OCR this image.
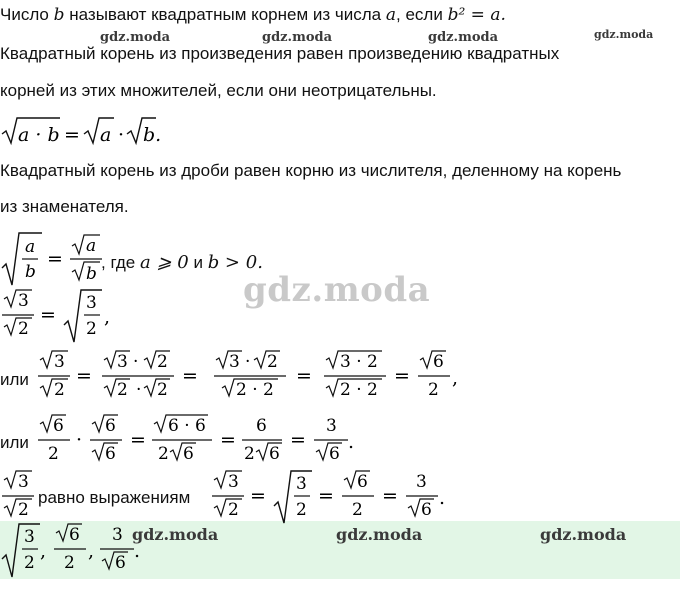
Число b называют квадратным корнем из числа a, если b² = a.
gdz.moda	gdz.moda	gdz.moda	gdz.moda
Квадратный корень из произведения равен произведению квадратных
корней из этих множителей, если они неотрицательны.
a · b = a · b.
Квадратный корень из дроби равен корню из числителя, деленному на корень
из знаменателя.
a
b
=
a
b
, где a ⩾ 0 и b > 0.
gdz.moda
3
2
=
3
2
,
или
3
2
=
3 · 2
2 · 2
=
3 · 2
2 · 2
=
3 · 2
2 · 2
=
6
2
,
или
6
2
·
6
6
=
6 · 6
2 6
=
6
2 6
=
3
6
.
3
2
равно выражениям
3
2
=
3
2
=
6
2
=
3
6
.
3
2
,
6
2
,
3
6
.
gdz.moda	gdz.moda	gdz.moda
